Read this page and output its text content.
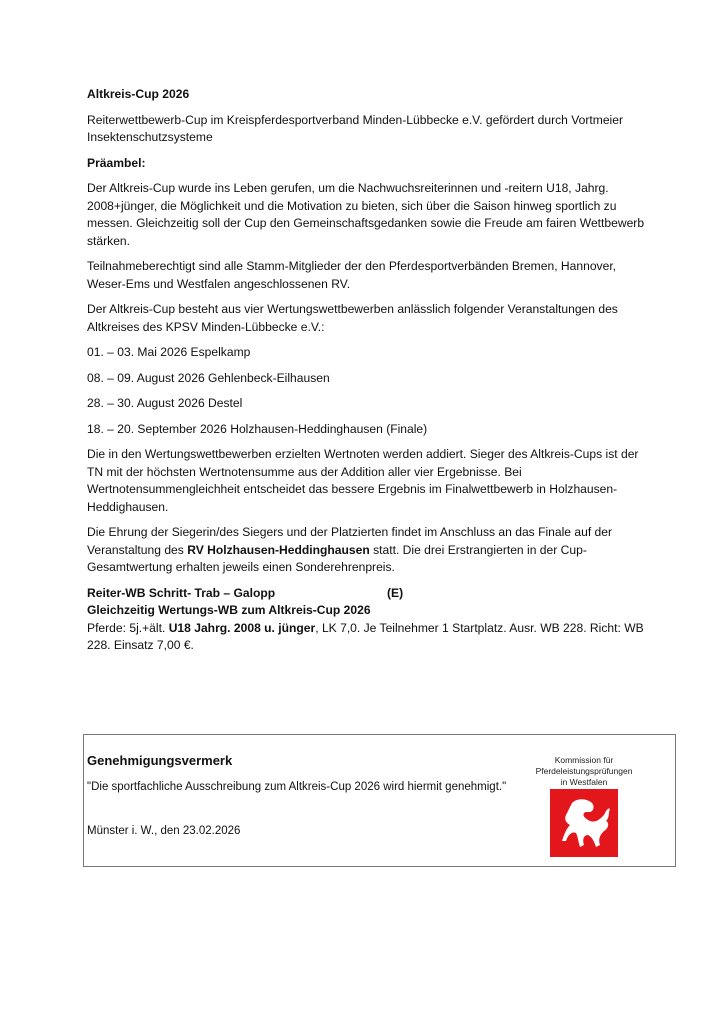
Altkreis-Cup 2026

Reiterwettbewerb-Cup im Kreispferdesportverband Minden-Lübbecke e.V. gefördert durch Vortmeier Insektenschutzsysteme

Präambel:

Der Altkreis-Cup wurde ins Leben gerufen, um die Nachwuchsreiterinnen und -reitern U18, Jahrg. 2008+jünger, die Möglichkeit und die Motivation zu bieten, sich über die Saison hinweg sportlich zu messen. Gleichzeitig soll der Cup den Gemeinschaftsgedanken sowie die Freude am fairen Wettbewerb stärken.

Teilnahmeberechtigt sind alle Stamm-Mitglieder der den Pferdesportverbänden Bremen, Hannover, Weser-Ems und Westfalen angeschlossenen RV.

Der Altkreis-Cup besteht aus vier Wertungswettbewerben anlässlich folgender Veranstaltungen des Altkreises des KPSV Minden-Lübbecke e.V.:

01. – 03. Mai 2026 Espelkamp
08. – 09. August 2026 Gehlenbeck-Eilhausen
28. – 30. August 2026 Destel
18. – 20. September 2026 Holzhausen-Heddinghausen (Finale)

Die in den Wertungswettbewerben erzielten Wertnoten werden addiert. Sieger des Altkreis-Cups ist der TN mit der höchsten Wertnotensumme aus der Addition aller vier Ergebnisse. Bei Wertnotensummengleichheit entscheidet das bessere Ergebnis im Finalwettbewerb in Holzhausen-Heddighausen.

Die Ehrung der Siegerin/des Siegers und der Platzierten findet im Anschluss an das Finale auf der Veranstaltung des RV Holzhausen-Heddinghausen statt. Die drei Erstrangierten in der Cup-Gesamtwertung erhalten jeweils einen Sonderehrenpreis.

Reiter-WB Schritt- Trab – Galopp	(E)
Gleichzeitig Wertungs-WB zum Altkreis-Cup 2026
Pferde: 5j.+ält. U18 Jahrg. 2008 u. jünger, LK 7,0. Je Teilnehmer 1 Startplatz. Ausr. WB 228. Richt: WB 228. Einsatz 7,00 €.
Genehmigungsvermerk
"Die sportfachliche Ausschreibung zum Altkreis-Cup 2026 wird hiermit genehmigt."
Münster i. W., den 23.02.2026
Kommission für
Pferdeleistungsprüfungen
in Westfalen
